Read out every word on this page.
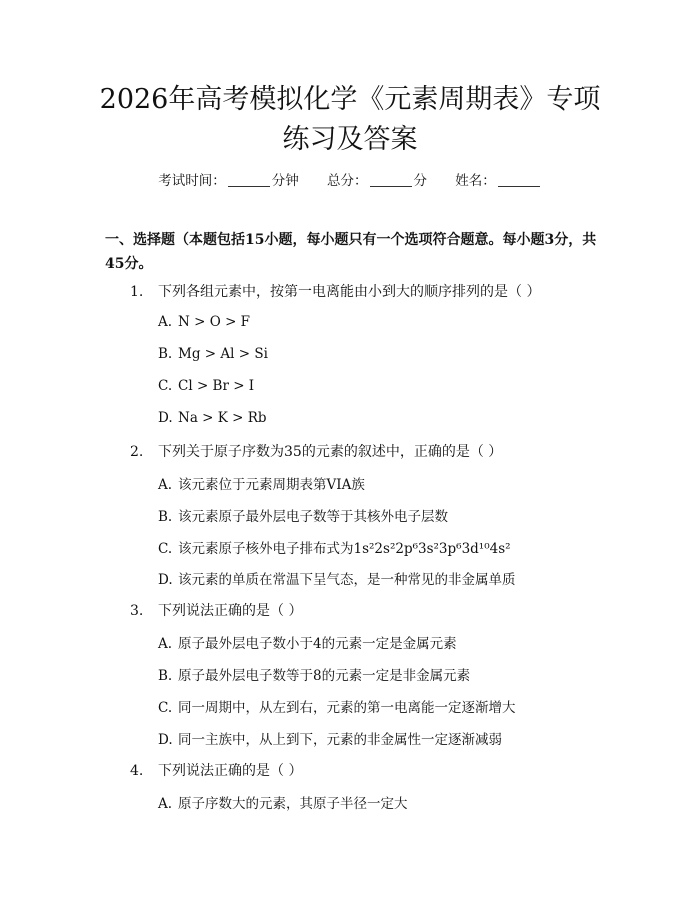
2026年高考模拟化学《元素周期表》专项练习及答案
考试时间：	分钟 总分：	分 姓名：

一、选择题（本题包括15小题，每小题只有一个选项符合题意。每小题3分，共45分。

1. 下列各组元素中，按第一电离能由小到大的顺序排列的是（ ）
A. N > O > F
B. Mg > Al > Si
C. Cl > Br > I
D. Na > K > Rb
2. 下列关于原子序数为35的元素的叙述中，正确的是（ ）
A. 该元素位于元素周期表第VIA族
B. 该元素原子最外层电子数等于其核外电子层数
C. 该元素原子核外电子排布式为1s²2s²2p⁶3s²3p⁶3d¹⁰4s²
D. 该元素的单质在常温下呈气态，是一种常见的非金属单质
3. 下列说法正确的是（ ）
A. 原子最外层电子数小于4的元素一定是金属元素
B. 原子最外层电子数等于8的元素一定是非金属元素
C. 同一周期中，从左到右，元素的第一电离能一定逐渐增大
D. 同一主族中，从上到下，元素的非金属性一定逐渐减弱
4. 下列说法正确的是（ ）
A. 原子序数大的元素，其原子半径一定大
